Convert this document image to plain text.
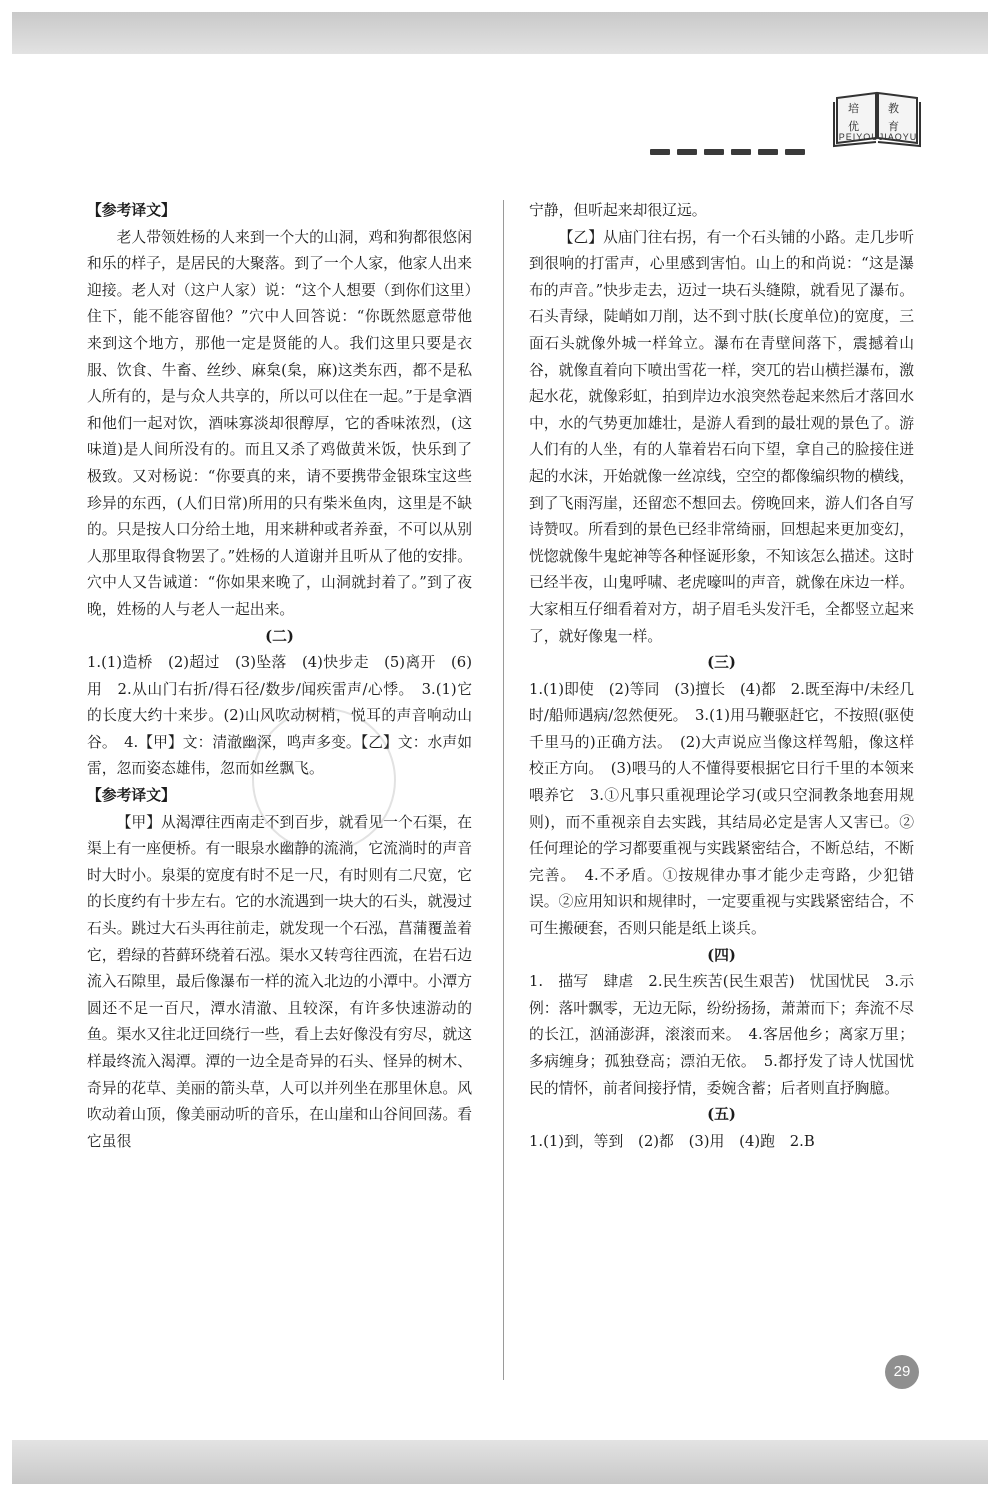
培	教
优	育
PEIYOUJIAOYU

【参考译文】

老人带领姓杨的人来到一个大的山洞，鸡和狗都很悠闲和乐的样子，是居民的大聚落。到了一个人家，他家人出来迎接。老人对（这户人家）说：“这个人想要（到你们这里）住下，能不能容留他？”穴中人回答说：“你既然愿意带他来到这个地方，那他一定是贤能的人。我们这里只要是衣服、饮食、牛畜、丝纱、麻枲(枲，麻)这类东西，都不是私人所有的，是与众人共享的，所以可以住在一起。”于是拿酒和他们一起对饮，酒味寡淡却很醇厚，它的香味浓烈，(这味道)是人间所没有的。而且又杀了鸡做黄米饭，快乐到了极致。又对杨说：“你要真的来，请不要携带金银珠宝这些珍异的东西，(人们日常)所用的只有柴米鱼肉，这里是不缺的。只是按人口分给土地，用来耕种或者养蚕，不可以从别人那里取得食物罢了。”姓杨的人道谢并且听从了他的安排。穴中人又告诫道：“你如果来晚了，山洞就封着了。”到了夜晚，姓杨的人与老人一起出来。

(二)

1.(1)造桥　(2)超过　(3)坠落　(4)快步走　(5)离开　(6)用　2.从山门右折/得石径/数步/闻疾雷声/心悸。　3.(1)它的长度大约十来步。(2)山风吹动树梢，悦耳的声音响动山谷。　4.【甲】文：清澈幽深，鸣声多变。【乙】文：水声如雷，忽而姿态雄伟，忽而如丝飘飞。

【参考译文】

【甲】从渴潭往西南走不到百步，就看见一个石渠，在渠上有一座便桥。有一眼泉水幽静的流淌，它流淌时的声音时大时小。泉渠的宽度有时不足一尺，有时则有二尺宽，它的长度约有十步左右。它的水流遇到一块大的石头，就漫过石头。跳过大石头再往前走，就发现一个石泓，菖蒲覆盖着它，碧绿的苔藓环绕着石泓。渠水又转弯往西流，在岩石边流入石隙里，最后像瀑布一样的流入北边的小潭中。小潭方圆还不足一百尺，潭水清澈、且较深，有许多快速游动的鱼。渠水又往北迂回绕行一些，看上去好像没有穷尽，就这样最终流入渴潭。潭的一边全是奇异的石头、怪异的树木、奇异的花草、美丽的箭头草，人可以并列坐在那里休息。风吹动着山顶，像美丽动听的音乐，在山崖和山谷间回荡。看它虽很

宁静，但听起来却很辽远。

【乙】从庙门往右拐，有一个石头铺的小路。走几步听到很响的打雷声，心里感到害怕。山上的和尚说：“这是瀑布的声音。”快步走去，迈过一块石头缝隙，就看见了瀑布。石头青绿，陡峭如刀削，达不到寸肤(长度单位)的宽度，三面石头就像外城一样耸立。瀑布在青壁间落下，震撼着山谷，就像直着向下喷出雪花一样，突兀的岩山横拦瀑布，激起水花，就像彩虹，拍到岸边水浪突然卷起来然后才落回水中，水的气势更加雄壮，是游人看到的最壮观的景色了。游人们有的人坐，有的人靠着岩石向下望，拿自己的脸接住迸起的水沫，开始就像一丝凉线，空空的都像编织物的横线，到了飞雨泻崖，还留恋不想回去。傍晚回来，游人们各自写诗赞叹。所看到的景色已经非常绮丽，回想起来更加变幻，恍惚就像牛鬼蛇神等各种怪诞形象，不知该怎么描述。这时已经半夜，山鬼呼啸、老虎嚎叫的声音，就像在床边一样。大家相互仔细看着对方，胡子眉毛头发汗毛，全都竖立起来了，就好像鬼一样。

(三)

1.(1)即使　(2)等同　(3)擅长　(4)都　2.既至海中/未经几时/船师遇病/忽然便死。　3.(1)用马鞭驱赶它，不按照(驱使千里马的)正确方法。　(2)大声说应当像这样驾船，像这样校正方向。　(3)喂马的人不懂得要根据它日行千里的本领来喂养它　3.①凡事只重视理论学习(或只空洞教条地套用规则)，而不重视亲自去实践，其结局必定是害人又害已。②任何理论的学习都要重视与实践紧密结合，不断总结，不断完善。　4.不矛盾。①按规律办事才能少走弯路，少犯错误。②应用知识和规律时，一定要重视与实践紧密结合，不可生搬硬套，否则只能是纸上谈兵。

(四)

1.　描写　肆虐　2.民生疾苦(民生艰苦)　忧国忧民　3.示例：落叶飘零，无边无际，纷纷扬扬，萧萧而下；奔流不尽的长江，汹涌澎湃，滚滚而来。　4.客居他乡；离家万里；多病缠身；孤独登高；漂泊无依。　5.都抒发了诗人忧国忧民的情怀，前者间接抒情，委婉含蓄；后者则直抒胸臆。

(五)

1.(1)到，等到　(2)都　(3)用　(4)跑　2.B

29
